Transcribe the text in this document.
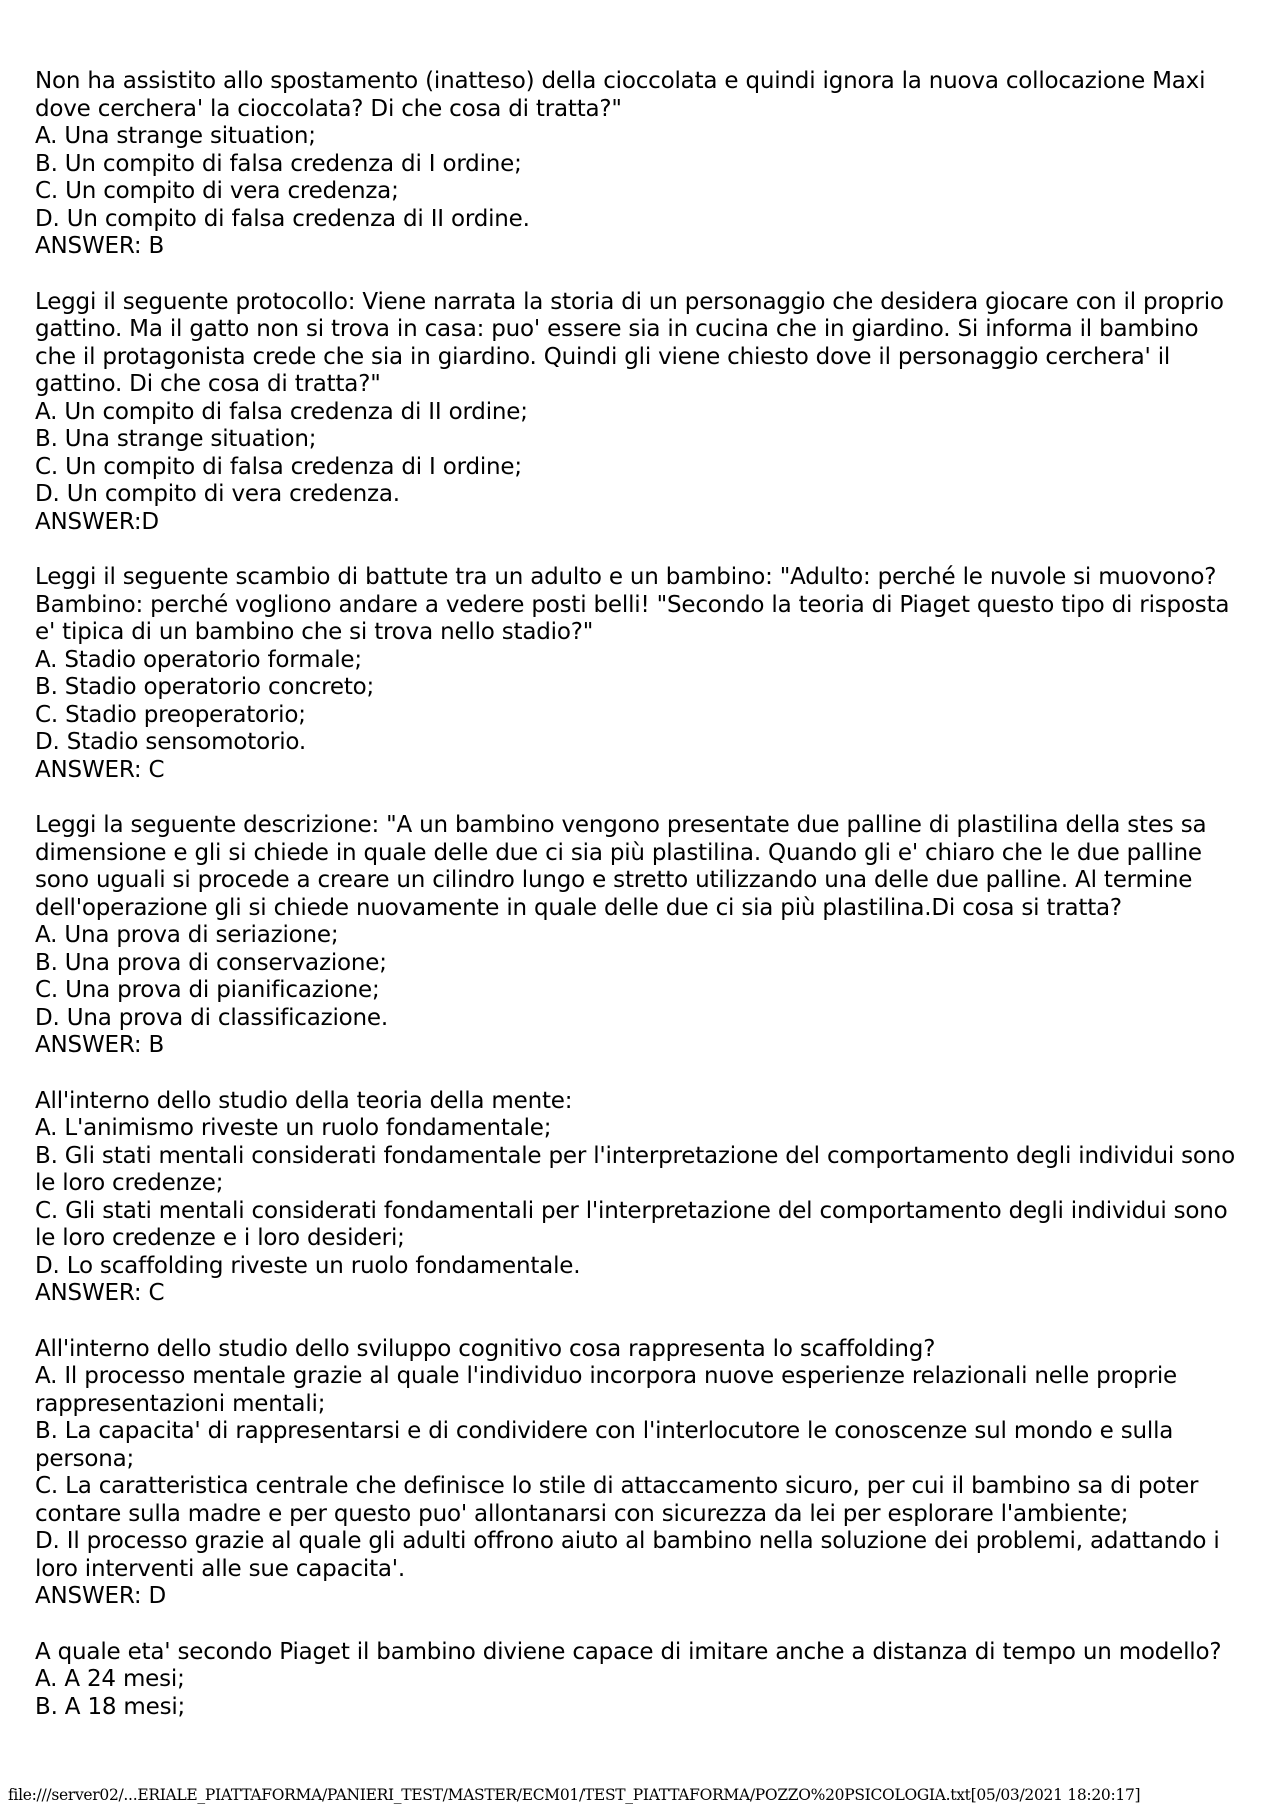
Non ha assistito allo spostamento (inatteso) della cioccolata e quindi ignora la nuova collocazione Maxi
dove cerchera' la cioccolata? Di che cosa di tratta?"
A. Una strange situation;
B. Un compito di falsa credenza di I ordine;
C. Un compito di vera credenza;
D. Un compito di falsa credenza di II ordine.
ANSWER: B
Leggi il seguente protocollo: Viene narrata la storia di un personaggio che desidera giocare con il proprio
gattino. Ma il gatto non si trova in casa: puo' essere sia in cucina che in giardino. Si informa il bambino
che il protagonista crede che sia in giardino. Quindi gli viene chiesto dove il personaggio cerchera' il
gattino. Di che cosa di tratta?"
A. Un compito di falsa credenza di II ordine;
B. Una strange situation;
C. Un compito di falsa credenza di I ordine;
D. Un compito di vera credenza.
ANSWER:D
Leggi il seguente scambio di battute tra un adulto e un bambino: "Adulto: perché le nuvole si muovono?
Bambino: perché vogliono andare a vedere posti belli! "Secondo la teoria di Piaget questo tipo di risposta
e' tipica di un bambino che si trova nello stadio?"
A. Stadio operatorio formale;
B. Stadio operatorio concreto;
C. Stadio preoperatorio;
D. Stadio sensomotorio.
ANSWER: C
Leggi la seguente descrizione: "A un bambino vengono presentate due palline di plastilina della stes sa
dimensione e gli si chiede in quale delle due ci sia più plastilina. Quando gli e' chiaro che le due palline
sono uguali si procede a creare un cilindro lungo e stretto utilizzando una delle due palline. Al termine
dell'operazione gli si chiede nuovamente in quale delle due ci sia più plastilina.Di cosa si tratta?
A. Una prova di seriazione;
B. Una prova di conservazione;
C. Una prova di pianificazione;
D. Una prova di classificazione.
ANSWER: B
All'interno dello studio della teoria della mente:
A. L'animismo riveste un ruolo fondamentale;
B. Gli stati mentali considerati fondamentale per l'interpretazione del comportamento degli individui sono
le loro credenze;
C. Gli stati mentali considerati fondamentali per l'interpretazione del comportamento degli individui sono
le loro credenze e i loro desideri;
D. Lo scaffolding riveste un ruolo fondamentale.
ANSWER: C
All'interno dello studio dello sviluppo cognitivo cosa rappresenta lo scaffolding?
A. Il processo mentale grazie al quale l'individuo incorpora nuove esperienze relazionali nelle proprie
rappresentazioni mentali;
B. La capacita' di rappresentarsi e di condividere con l'interlocutore le conoscenze sul mondo e sulla
persona;
C. La caratteristica centrale che definisce lo stile di attaccamento sicuro, per cui il bambino sa di poter
contare sulla madre e per questo puo' allontanarsi con sicurezza da lei per esplorare l'ambiente;
D. Il processo grazie al quale gli adulti offrono aiuto al bambino nella soluzione dei problemi, adattando i
loro interventi alle sue capacita'.
ANSWER: D
A quale eta' secondo Piaget il bambino diviene capace di imitare anche a distanza di tempo un modello?
A. A 24 mesi;
B. A 18 mesi;
file:///server02/...ERIALE_PIATTAFORMA/PANIERI_TEST/MASTER/ECM01/TEST_PIATTAFORMA/POZZO%20PSICOLOGIA.txt[05/03/2021 18:20:17]
